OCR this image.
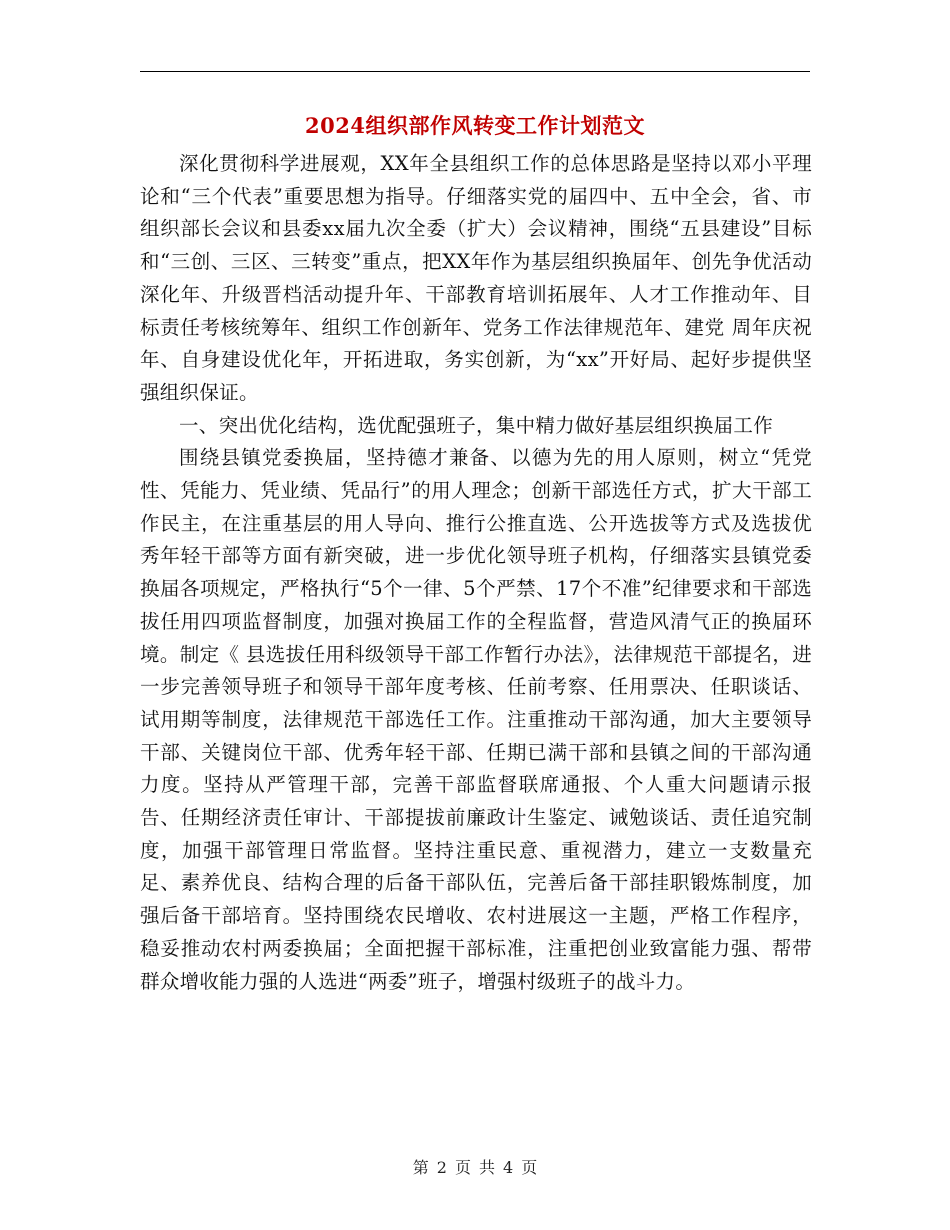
2024组织部作风转变工作计划范文

深化贯彻科学进展观，XX年全县组织工作的总体思路是坚持以邓小平理论和“三个代表”重要思想为指导。仔细落实党的届四中、五中全会，省、市组织部长会议和县委xx届九次全委（扩大）会议精神，围绕“五县建设”目标和“三创、三区、三转变”重点，把XX年作为基层组织换届年、创先争优活动深化年、升级晋档活动提升年、干部教育培训拓展年、人才工作推动年、目标责任考核统筹年、组织工作创新年、党务工作法律规范年、建党 周年庆祝年、自身建设优化年，开拓进取，务实创新，为“xx”开好局、起好步提供坚强组织保证。

一、突出优化结构，选优配强班子，集中精力做好基层组织换届工作

围绕县镇党委换届，坚持德才兼备、以德为先的用人原则，树立“凭党性、凭能力、凭业绩、凭品行”的用人理念；创新干部选任方式，扩大干部工作民主，在注重基层的用人导向、推行公推直选、公开选拔等方式及选拔优秀年轻干部等方面有新突破，进一步优化领导班子机构，仔细落实县镇党委换届各项规定，严格执行“5个一律、5个严禁、17个不准”纪律要求和干部选拔任用四项监督制度，加强对换届工作的全程监督，营造风清气正的换届环境。制定《 县选拔任用科级领导干部工作暂行办法》，法律规范干部提名，进一步完善领导班子和领导干部年度考核、任前考察、任用票决、任职谈话、试用期等制度，法律规范干部选任工作。注重推动干部沟通，加大主要领导干部、关键岗位干部、优秀年轻干部、任期已满干部和县镇之间的干部沟通力度。坚持从严管理干部，完善干部监督联席通报、个人重大问题请示报告、任期经济责任审计、干部提拔前廉政计生鉴定、诫勉谈话、责任追究制度，加强干部管理日常监督。坚持注重民意、重视潜力，建立一支数量充足、素养优良、结构合理的后备干部队伍，完善后备干部挂职锻炼制度，加强后备干部培育。坚持围绕农民增收、农村进展这一主题，严格工作程序，稳妥推动农村两委换届；全面把握干部标准，注重把创业致富能力强、帮带群众增收能力强的人选进“两委”班子，增强村级班子的战斗力。

第 2 页 共 4 页
